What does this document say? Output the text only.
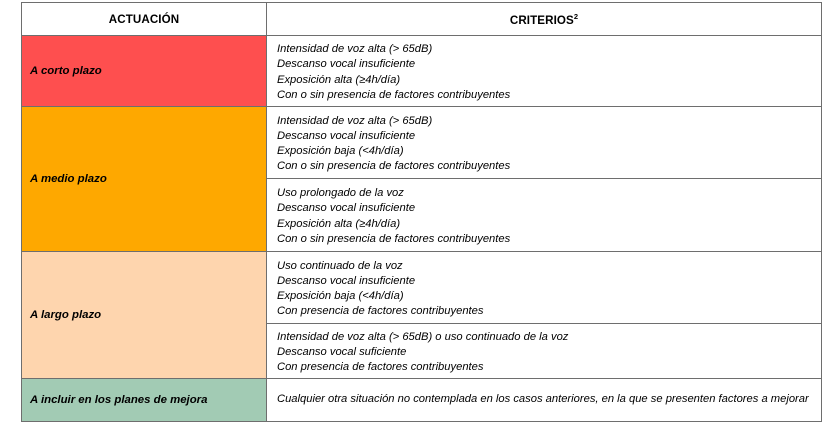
ACTUACIÓN	CRITERIOS$^2$
A corto plazo	Intensidad de voz alta (> 65dB)
Descanso vocal insuficiente
Exposición alta (≥4h/día)
Con o sin presencia de factores contribuyentes

A medio plazo	Intensidad de voz alta (> 65dB)
Descanso vocal insuficiente
Exposición baja (<4h/día)
Con o sin presencia de factores contribuyentes

	Uso prolongado de la voz
Descanso vocal insuficiente
Exposición alta (≥4h/día)
Con o sin presencia de factores contribuyentes

A largo plazo	Uso continuado de la voz
Descanso vocal insuficiente
Exposición baja (<4h/día)
Con presencia de factores contribuyentes

	Intensidad de voz alta (> 65dB) o uso continuado de la voz
Descanso vocal suficiente
Con presencia de factores contribuyentes

A incluir en los planes de mejora	Cualquier otra situación no contemplada en los casos anteriores, en la que se presenten factores a mejorar
